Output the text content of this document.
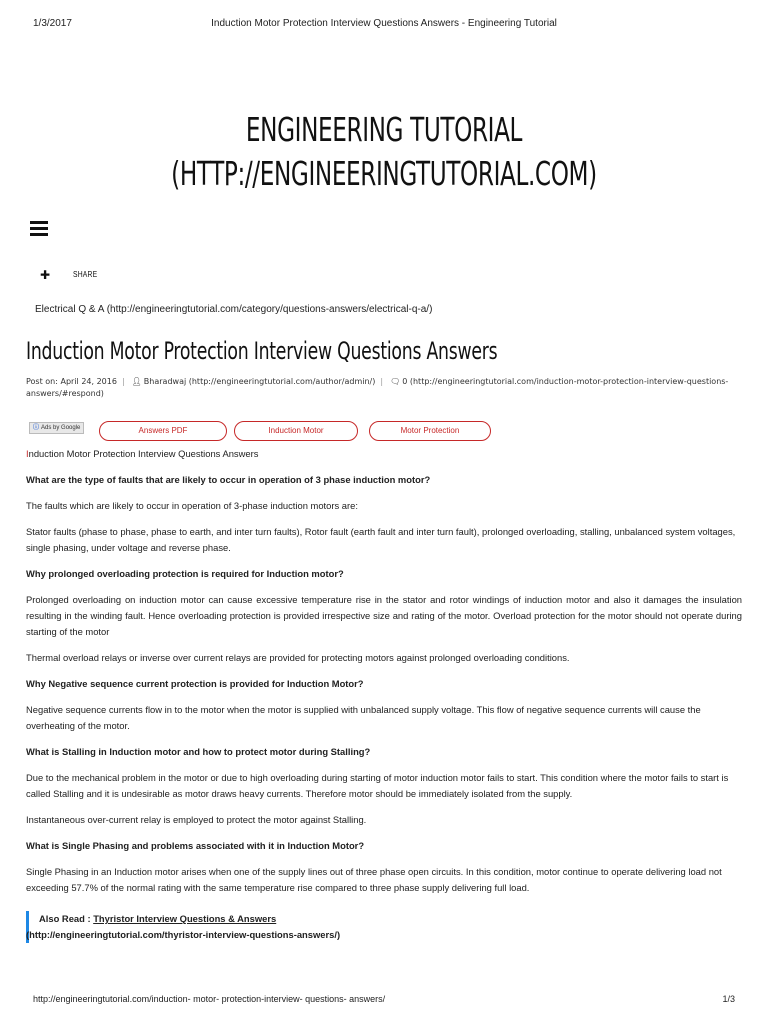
1/3/2017	Induction Motor Protection Interview Questions Answers - Engineering Tutorial
ENGINEERING TUTORIAL
(HTTP://ENGINEERINGTUTORIAL.COM)
✚	SHARE
Electrical Q & A (http://engineeringtutorial.com/category/questions-answers/electrical-q-a/)
Induction Motor Protection Interview Questions Answers
Post on: April 24, 2016 | 👤︎ Bharadwaj (http://engineeringtutorial.com/author/admin/) | 🗨︎ 0 (http://engineeringtutorial.com/induction-motor-protection-interview-questions-answers/#respond)
ⓘ Ads by Google	Answers PDF	Induction Motor	Motor Protection

Induction Motor Protection Interview Questions Answers

What are the type of faults that are likely to occur in operation of 3 phase induction motor?

The faults which are likely to occur in operation of 3-phase induction motors are:

Stator faults (phase to phase, phase to earth, and inter turn faults), Rotor fault (earth fault and inter turn fault), prolonged overloading, stalling, unbalanced system voltages, single phasing, under voltage and reverse phase.

Why prolonged overloading protection is required for Induction motor?

Prolonged overloading on induction motor can cause excessive temperature rise in the stator and rotor windings of induction motor and also it damages the insulation resulting in the winding fault. Hence overloading protection is provided irrespective size and rating of the motor. Overload protection for the motor should not operate during starting of the motor

Thermal overload relays or inverse over current relays are provided for protecting motors against prolonged overloading conditions.

Why Negative sequence current protection is provided for Induction Motor?

Negative sequence currents flow in to the motor when the motor is supplied with unbalanced supply voltage. This flow of negative sequence currents will cause the overheating of the motor.

What is Stalling in Induction motor and how to protect motor during Stalling?

Due to the mechanical problem in the motor or due to high overloading during starting of motor induction motor fails to start. This condition where the motor fails to start is called Stalling and it is undesirable as motor draws heavy currents. Therefore motor should be immediately isolated from the supply.

Instantaneous over-current relay is employed to protect the motor against Stalling.

What is Single Phasing and problems associated with it in Induction Motor?

Single Phasing in an Induction motor arises when one of the supply lines out of three phase open circuits. In this condition, motor continue to operate delivering load not exceeding 57.7% of the normal rating with the same temperature rise compared to three phase supply delivering full load.

Also Read : Thyristor Interview Questions & Answers
(http://engineeringtutorial.com/thyristor-interview-questions-answers/)
http://engineeringtutorial.com/induction- motor- protection-interview- questions- answers/	1/3
